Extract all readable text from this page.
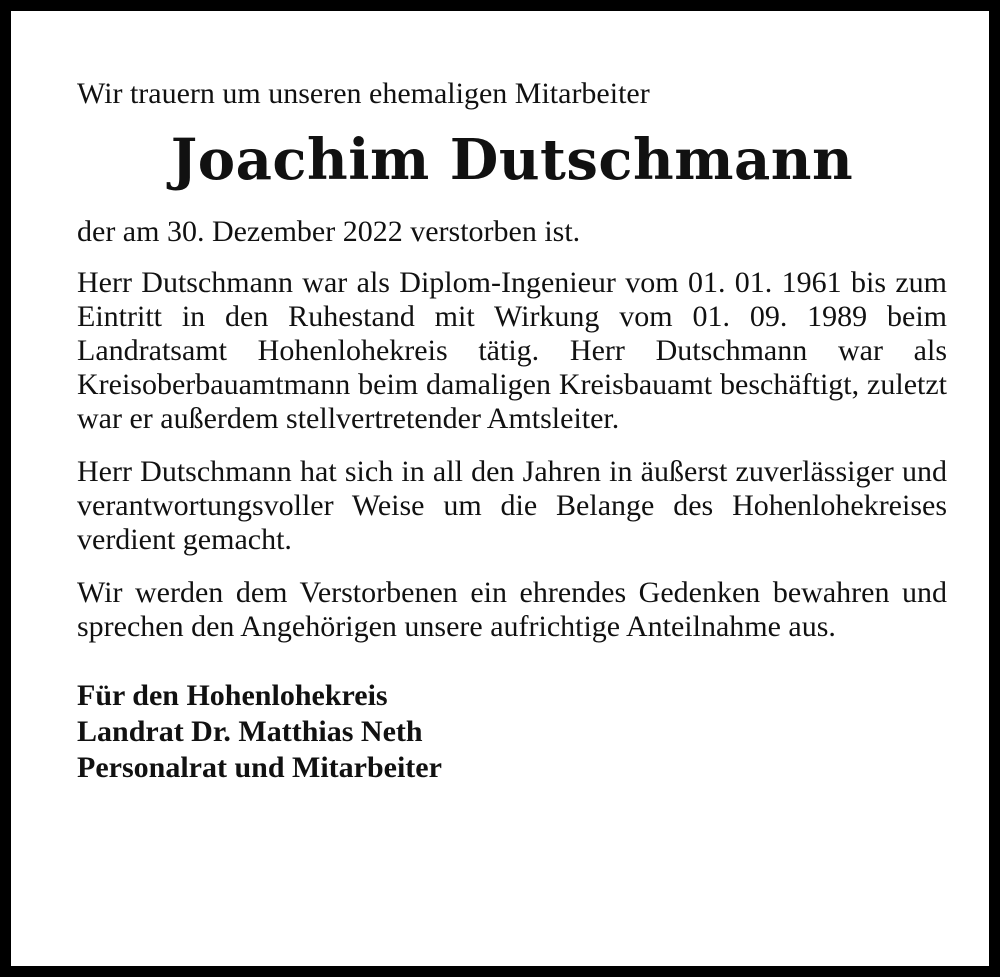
Wir trauern um unseren ehemaligen Mitarbeiter

Joachim Dutschmann

der am 30. Dezember 2022 verstorben ist.

Herr Dutschmann war als Diplom-Ingenieur vom 01. 01. 1961 bis zum Eintritt in den Ruhestand mit Wirkung vom 01. 09. 1989 beim Landratsamt Hohenlohekreis tätig. Herr Dutschmann war als Kreisoberbauamtmann beim damaligen Kreisbauamt beschäftigt, zuletzt war er außerdem stellvertretender Amtsleiter.

Herr Dutschmann hat sich in all den Jahren in äußerst zuverlässiger und verantwortungsvoller Weise um die Belange des Hohenlohekreises verdient gemacht.

Wir werden dem Verstorbenen ein ehrendes Gedenken bewahren und sprechen den Angehörigen unsere aufrichtige Anteilnahme aus.

Für den Hohenlohekreis

Landrat Dr. Matthias Neth

Personalrat und Mitarbeiter
